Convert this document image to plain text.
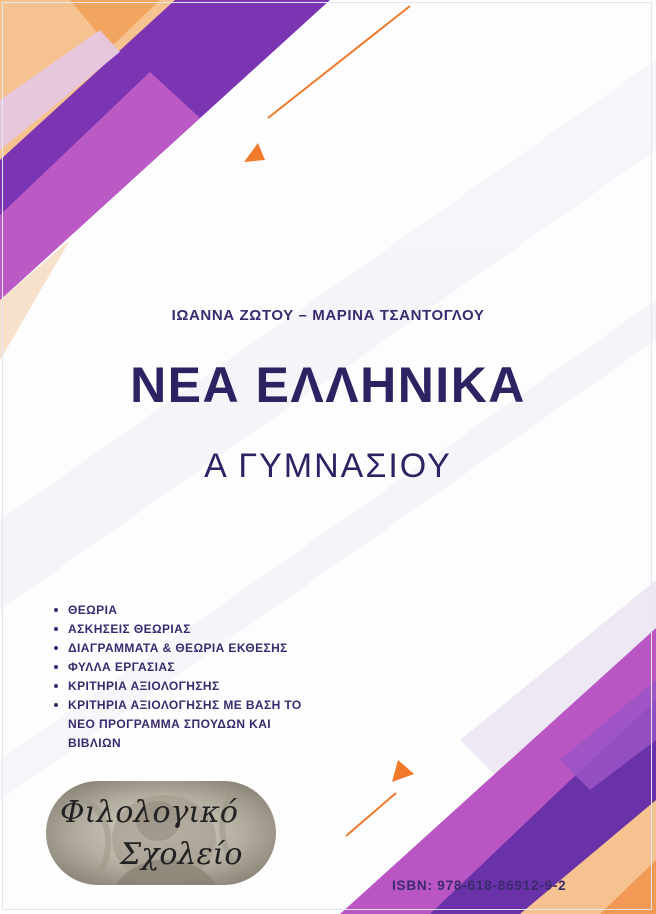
ΙΩΑΝΝΑ ΖΩΤΟΥ – ΜΑΡΙΝΑ ΤΣΑΝΤΟΓΛΟΥ
ΝΕΑ ΕΛΛΗΝΙΚΑ
Α ΓΥΜΝΑΣΙΟΥ
ΘΕΩΡΙΑ
ΑΣΚΗΣΕΙΣ ΘΕΩΡΙΑΣ
ΔΙΑΓΡΑΜΜΑΤΑ & ΘΕΩΡΙΑ ΕΚΘΕΣΗΣ
ΦΥΛΛΑ ΕΡΓΑΣΙΑΣ
ΚΡΙΤΗΡΙΑ ΑΞΙΟΛΟΓΗΣΗΣ
ΚΡΙΤΗΡΙΑ ΑΞΙΟΛΟΓΗΣΗΣ ΜΕ ΒΑΣΗ ΤΟ
ΝΕΟ ΠΡΟΓΡΑΜΜΑ ΣΠΟΥΔΩΝ ΚΑΙ
ΒΙΒΛΙΩΝ
Φιλολογικό
Σχολείο
ISBN: 978-618-86912-9-2
